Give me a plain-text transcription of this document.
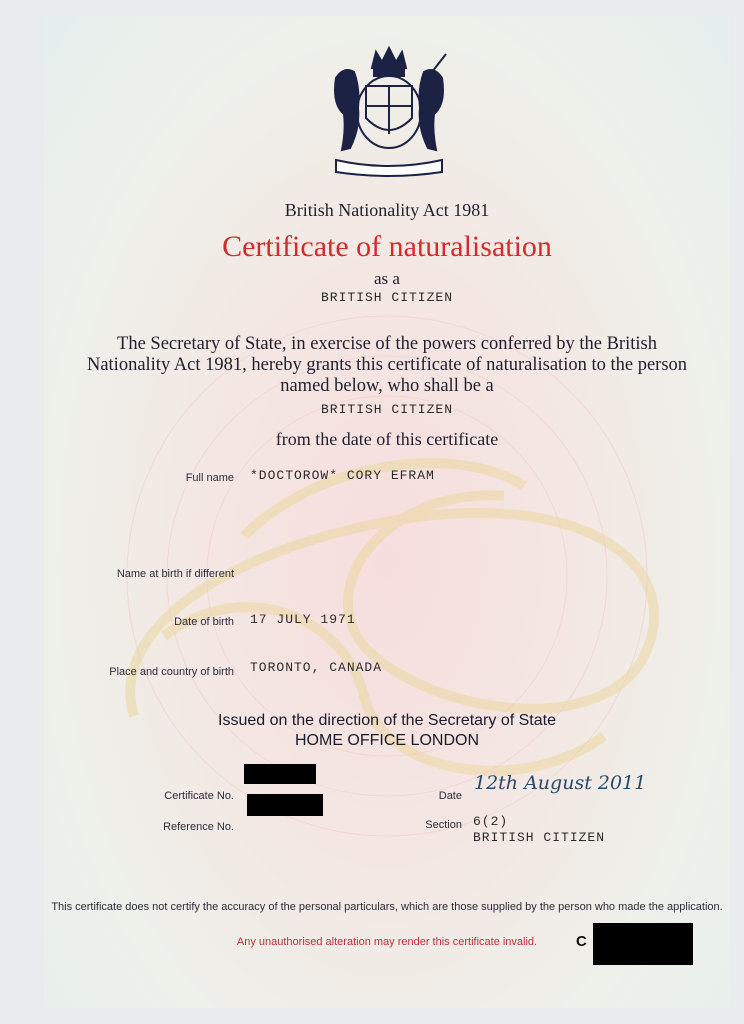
British Nationality Act 1981
Certificate of naturalisation
as a
BRITISH CITIZEN
The Secretary of State, in exercise of the powers conferred by the British Nationality Act 1981, hereby grants this certificate of naturalisation to the person named below, who shall be a
BRITISH CITIZEN
from the date of this certificate
Full name *DOCTOROW* CORY EFRAM
Name at birth if different
Date of birth 17 JULY 1971
Place and country of birth TORONTO, CANADA
Issued on the direction of the Secretary of State
HOME OFFICE LONDON
Certificate No.
Reference No.
Date
12th August 2011
Section 6(2)
BRITISH CITIZEN
This certificate does not certify the accuracy of the personal particulars, which are those supplied by the person who made the application.
Any unauthorised alteration may render this certificate invalid.	C
